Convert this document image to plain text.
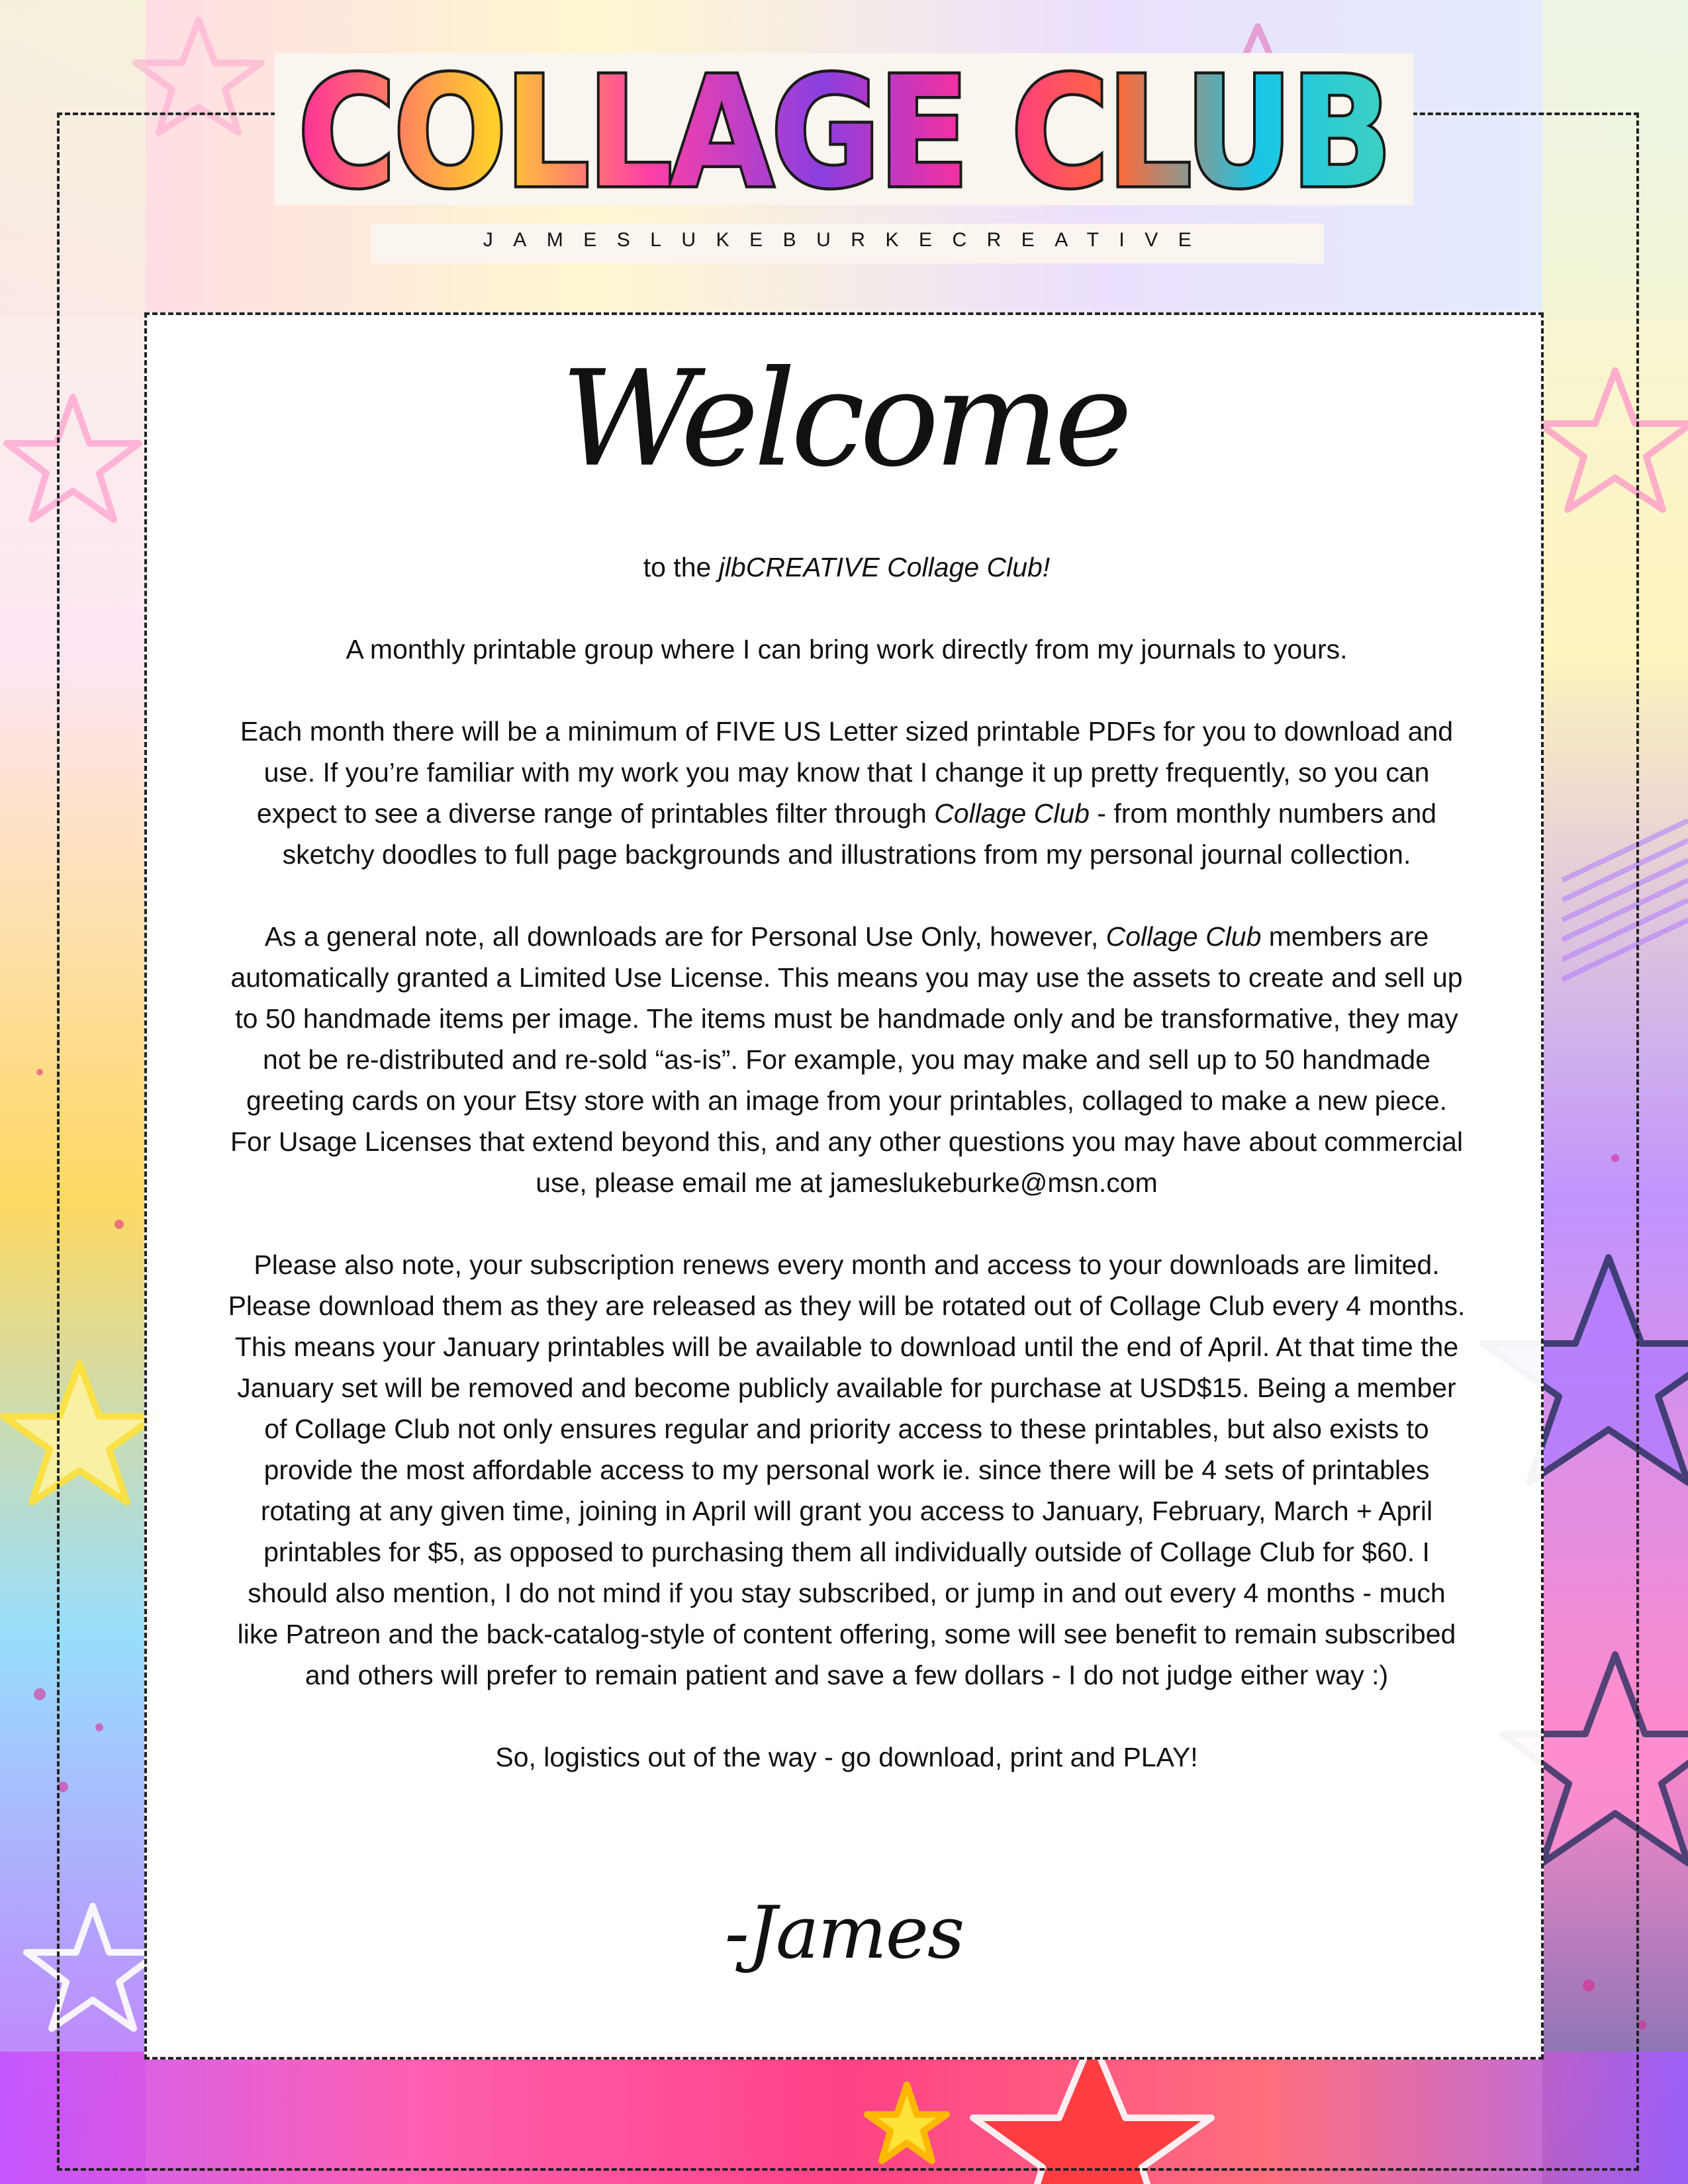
COLLAGE CLUB
JAMESLUKEBURKECREATIVE
Welcome

to the jlbCREATIVE Collage Club!

A monthly printable group where I can bring work directly from my journals to yours.

Each month there will be a minimum of FIVE US Letter sized printable PDFs for you to download and use. If you’re familiar with my work you may know that I change it up pretty frequently, so you can expect to see a diverse range of printables filter through Collage Club - from monthly numbers and sketchy doodles to full page backgrounds and illustrations from my personal journal collection.

As a general note, all downloads are for Personal Use Only, however, Collage Club members are automatically granted a Limited Use License. This means you may use the assets to create and sell up to 50 handmade items per image. The items must be handmade only and be transformative, they may not be re-distributed and re-sold “as-is”. For example, you may make and sell up to 50 handmade greeting cards on your Etsy store with an image from your printables, collaged to make a new piece. For Usage Licenses that extend beyond this, and any other questions you may have about commercial use, please email me at jameslukeburke@msn.com

Please also note, your subscription renews every month and access to your downloads are limited. Please download them as they are released as they will be rotated out of Collage Club every 4 months. This means your January printables will be available to download until the end of April. At that time the January set will be removed and become publicly available for purchase at USD$15. Being a member of Collage Club not only ensures regular and priority access to these printables, but also exists to provide the most affordable access to my personal work ie. since there will be 4 sets of printables rotating at any given time, joining in April will grant you access to January, February, March + April printables for $5, as opposed to purchasing them all individually outside of Collage Club for $60. I should also mention, I do not mind if you stay subscribed, or jump in and out every 4 months - much like Patreon and the back-catalog-style of content offering, some will see benefit to remain subscribed and others will prefer to remain patient and save a few dollars - I do not judge either way :)

So, logistics out of the way - go download, print and PLAY!

-James
